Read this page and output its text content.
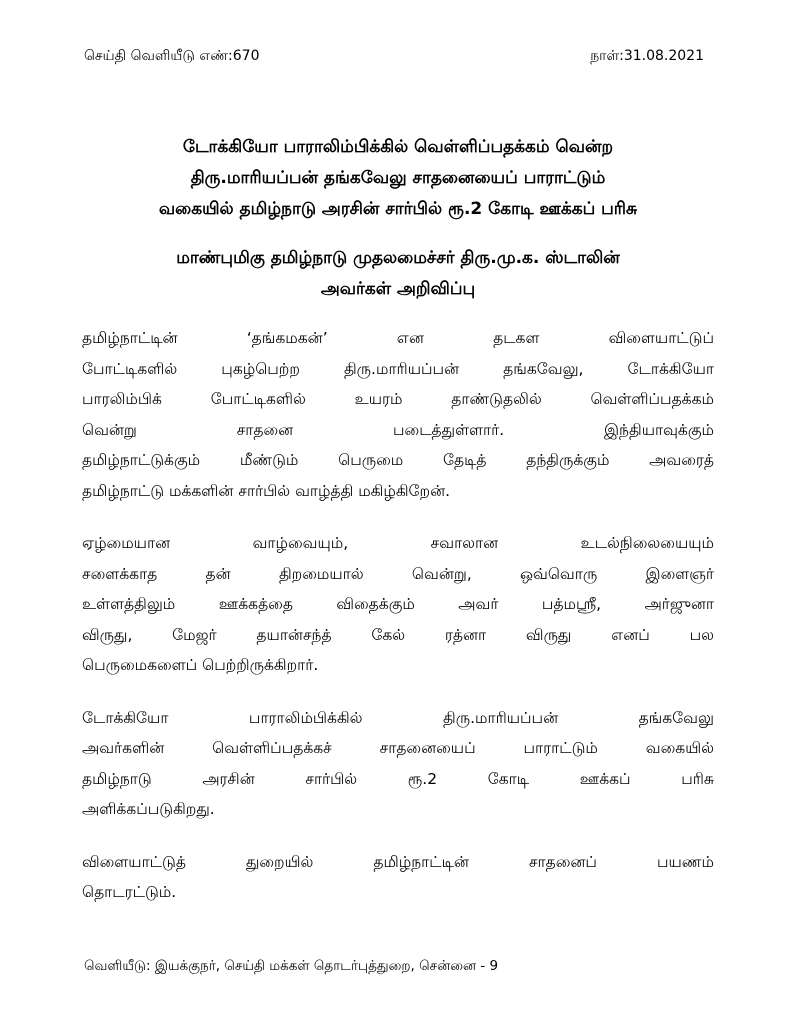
செய்தி வெளியீடு எண்:670	நாள்:31.08.2021
டோக்கியோ பாராலிம்பிக்கில் வெள்ளிப்பதக்கம் வென்ற
திரு.மாரியப்பன் தங்கவேலு சாதனையைப் பாராட்டும்
வகையில் தமிழ்நாடு அரசின் சார்பில் ரூ.2 கோடி ஊக்கப் பரிசு
மாண்புமிகு தமிழ்நாடு முதலமைச்சர் திரு.மு.க. ஸ்டாலின்
அவர்கள் அறிவிப்பு
தமிழ்நாட்டின் ‘தங்கமகன்’ என தடகள விளையாட்டுப்
போட்டிகளில் புகழ்பெற்ற திரு.மாரியப்பன் தங்கவேலு, டோக்கியோ
பாரலிம்பிக் போட்டிகளில் உயரம் தாண்டுதலில் வெள்ளிப்பதக்கம்
வென்று சாதனை படைத்துள்ளார். இந்தியாவுக்கும்
தமிழ்நாட்டுக்கும் மீண்டும் பெருமை தேடித் தந்திருக்கும் அவரைத்
தமிழ்நாட்டு மக்களின் சார்பில் வாழ்த்தி மகிழ்கிறேன்.
ஏழ்மையான வாழ்வையும், சவாலான உடல்நிலையையும்
சளைக்காத தன் திறமையால் வென்று, ஒவ்வொரு இளைஞர்
உள்ளத்திலும் ஊக்கத்தை விதைக்கும் அவர் பத்மஸ்ரீ, அர்ஜுனா
விருது, மேஜர் தயான்சந்த் கேல் ரத்னா விருது எனப் பல
பெருமைகளைப் பெற்றிருக்கிறார்.
டோக்கியோ பாராலிம்பிக்கில் திரு.மாரியப்பன் தங்கவேலு
அவர்களின் வெள்ளிப்பதக்கச் சாதனையைப் பாராட்டும் வகையில்
தமிழ்நாடு அரசின் சார்பில் ரூ.2 கோடி ஊக்கப் பரிசு
அளிக்கப்படுகிறது.
விளையாட்டுத் துறையில் தமிழ்நாட்டின் சாதனைப் பயணம்
தொடரட்டும்.
வெளியீடு: இயக்குநர், செய்தி மக்கள் தொடர்புத்துறை, சென்னை - 9
